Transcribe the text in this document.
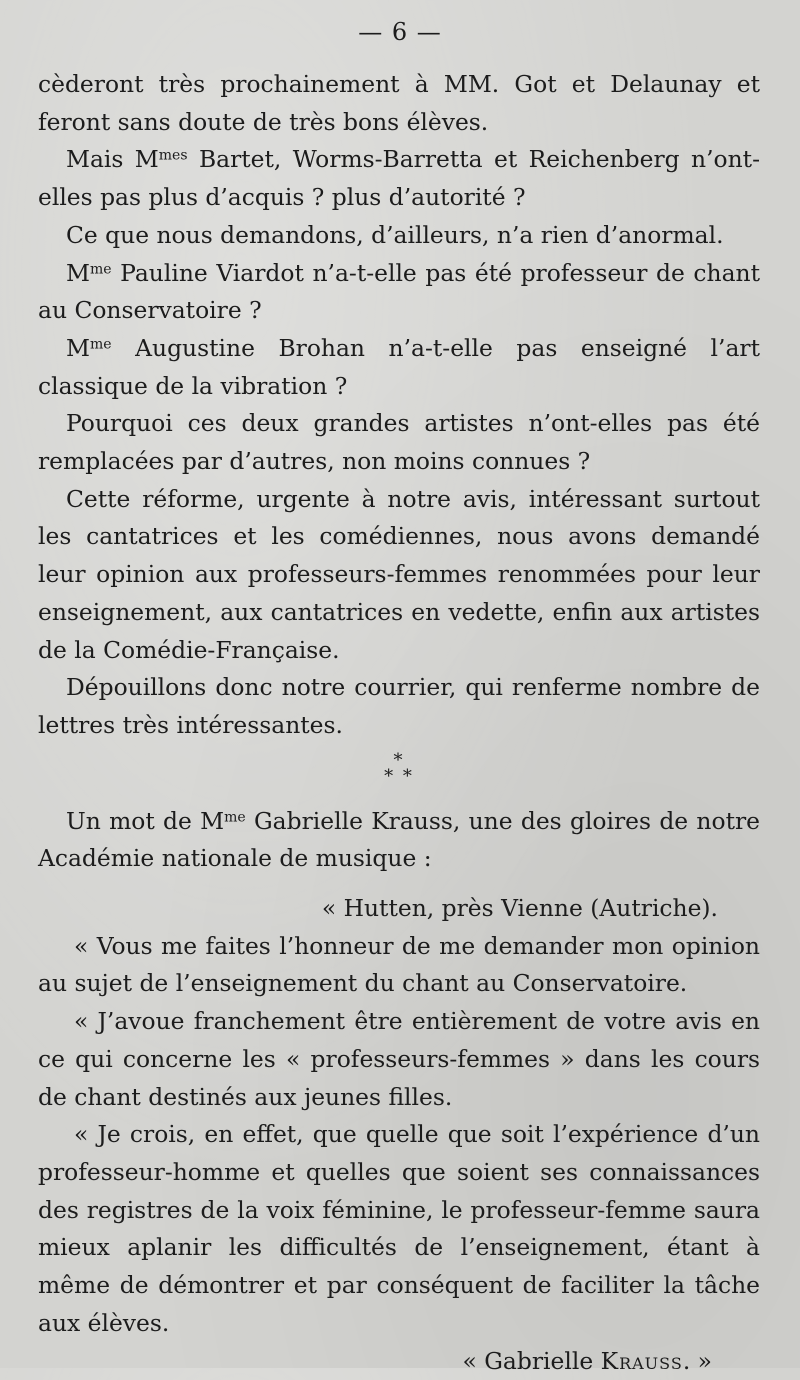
— 6 —

cèderont très prochainement à MM. Got et Delaunay et feront sans doute de très bons élèves.

Mais $M^{mes}$ Bartet, Worms-Barretta et Reichenberg n’ont-elles pas plus d’acquis ? plus d’autorité ?

Ce que nous demandons, d’ailleurs, n’a rien d’anormal.

$M^{me}$ Pauline Viardot n’a-t-elle pas été professeur de chant au Conservatoire ?

$M^{me}$ Augustine Brohan n’a-t-elle pas enseigné l’art classique de la vibration ?

Pourquoi ces deux grandes artistes n’ont-elles pas été remplacées par d’autres, non moins connues ?

Cette réforme, urgente à notre avis, intéressant surtout les cantatrices et les comédiennes, nous avons demandé leur opinion aux professeurs-femmes renommées pour leur enseignement, aux cantatrices en vedette, enfin aux artistes de la Comédie-Française.

Dépouillons donc notre courrier, qui renferme nombre de lettres très intéressantes.

*
* *

Un mot de $M^{me}$ Gabrielle Krauss, une des gloires de notre Académie nationale de musique :

« Hutten, près Vienne (Autriche).

« Vous me faites l’honneur de me demander mon opinion au sujet de l’enseignement du chant au Conservatoire.

« J’avoue franchement être entièrement de votre avis en ce qui concerne les « professeurs-femmes » dans les cours de chant destinés aux jeunes filles.

« Je crois, en effet, que quelle que soit l’expérience d’un professeur-homme et quelles que soient ses connaissances des registres de la voix féminine, le professeur-femme saura mieux aplanir les difficultés de l’enseignement, étant à même de démontrer et par conséquent de faciliter la tâche aux élèves.

« Gabrielle Krauss. »
